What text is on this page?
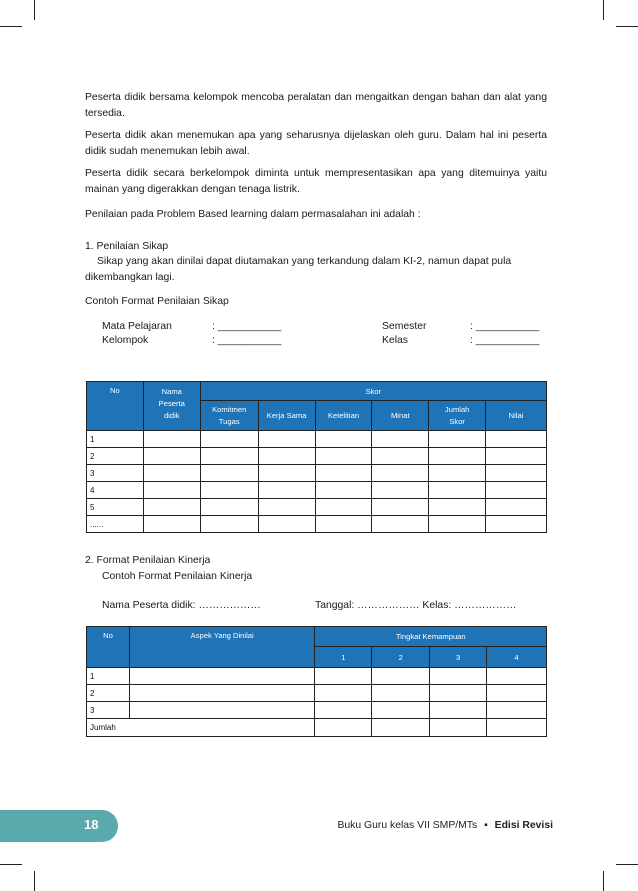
Peserta didik bersama kelompok mencoba peralatan dan mengaitkan dengan bahan dan alat yang tersedia.

Peserta didik akan menemukan apa yang seharusnya dijelaskan oleh guru. Dalam hal ini peserta didik sudah menemukan lebih awal.

Peserta didik secara berkelompok diminta untuk mempresentasikan apa yang ditemuinya yaitu mainan yang digerakkan dengan tenaga listrik.

Penilaian pada Problem Based learning dalam permasalahan ini adalah :

1. Penilaian Sikap
Sikap yang akan dinilai dapat diutamakan yang terkandung dalam KI-2, namun dapat pula dikembangkan lagi.
Contoh Format Penilaian Sikap
Mata Pelajaran	: ___________	Semester	: ___________
Kelompok	: ___________	Kelas	: ___________
No	Nama Peserta didik	Skor					
		Komitmen Tugas	Kerja Sama	Ketelitian	Minat	Jumlah Skor	Nilai
1							
2							
3							
4							
5							
......							
2. Format Penilaian Kinerja
Contoh Format Penilaian Kinerja
Nama Peserta didik: ………………	Tanggal: ……………… Kelas: ………………
No	Aspek Yang Dinilai	Tingkat Kemampuan			
		1	2	3	4
1					
2					
3					
Jumlah					
18	Buku Guru kelas VII SMP/MTs ▪ Edisi Revisi
